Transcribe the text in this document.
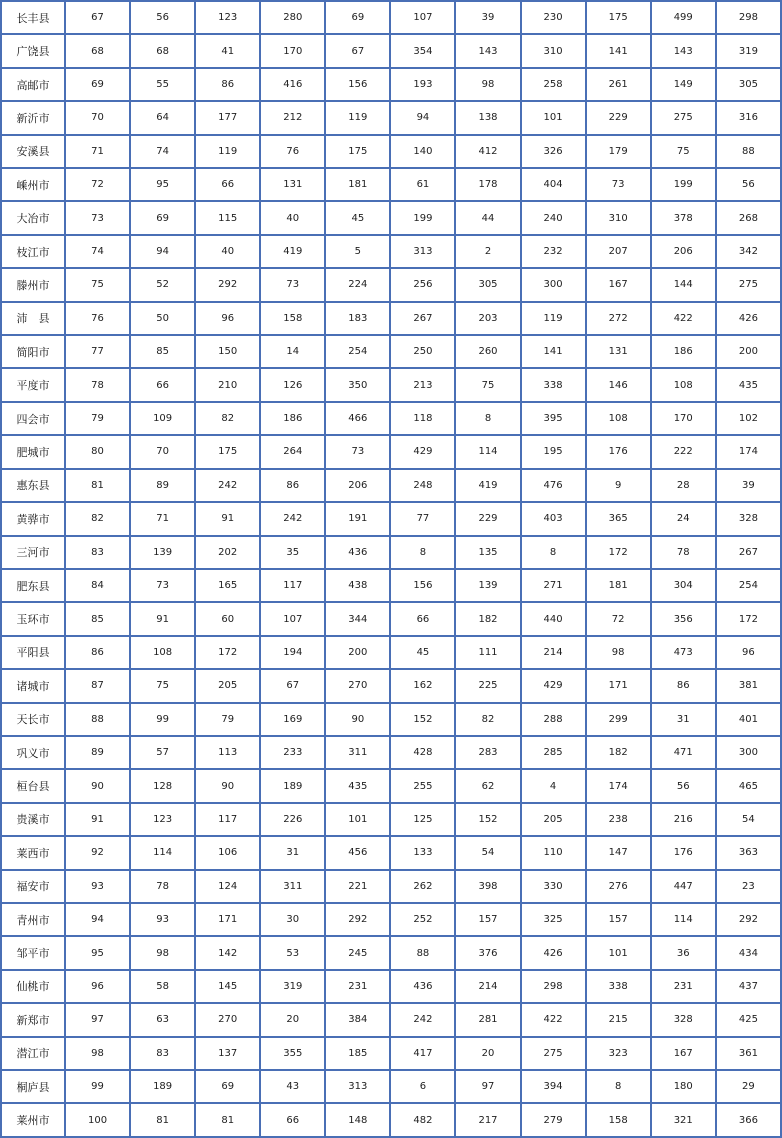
长丰县	67	56	123	280	69	107	39	230	175	499	298
广饶县	68	68	41	170	67	354	143	310	141	143	319
高邮市	69	55	86	416	156	193	98	258	261	149	305
新沂市	70	64	177	212	119	94	138	101	229	275	316
安溪县	71	74	119	76	175	140	412	326	179	75	88
嵊州市	72	95	66	131	181	61	178	404	73	199	56
大冶市	73	69	115	40	45	199	44	240	310	378	268
枝江市	74	94	40	419	5	313	2	232	207	206	342
滕州市	75	52	292	73	224	256	305	300	167	144	275
沛　县	76	50	96	158	183	267	203	119	272	422	426
简阳市	77	85	150	14	254	250	260	141	131	186	200
平度市	78	66	210	126	350	213	75	338	146	108	435
四会市	79	109	82	186	466	118	8	395	108	170	102
肥城市	80	70	175	264	73	429	114	195	176	222	174
惠东县	81	89	242	86	206	248	419	476	9	28	39
黄骅市	82	71	91	242	191	77	229	403	365	24	328
三河市	83	139	202	35	436	8	135	8	172	78	267
肥东县	84	73	165	117	438	156	139	271	181	304	254
玉环市	85	91	60	107	344	66	182	440	72	356	172
平阳县	86	108	172	194	200	45	111	214	98	473	96
诸城市	87	75	205	67	270	162	225	429	171	86	381
天长市	88	99	79	169	90	152	82	288	299	31	401
巩义市	89	57	113	233	311	428	283	285	182	471	300
桓台县	90	128	90	189	435	255	62	4	174	56	465
贵溪市	91	123	117	226	101	125	152	205	238	216	54
莱西市	92	114	106	31	456	133	54	110	147	176	363
福安市	93	78	124	311	221	262	398	330	276	447	23
青州市	94	93	171	30	292	252	157	325	157	114	292
邹平市	95	98	142	53	245	88	376	426	101	36	434
仙桃市	96	58	145	319	231	436	214	298	338	231	437
新郑市	97	63	270	20	384	242	281	422	215	328	425
潜江市	98	83	137	355	185	417	20	275	323	167	361
桐庐县	99	189	69	43	313	6	97	394	8	180	29
莱州市	100	81	81	66	148	482	217	279	158	321	366
